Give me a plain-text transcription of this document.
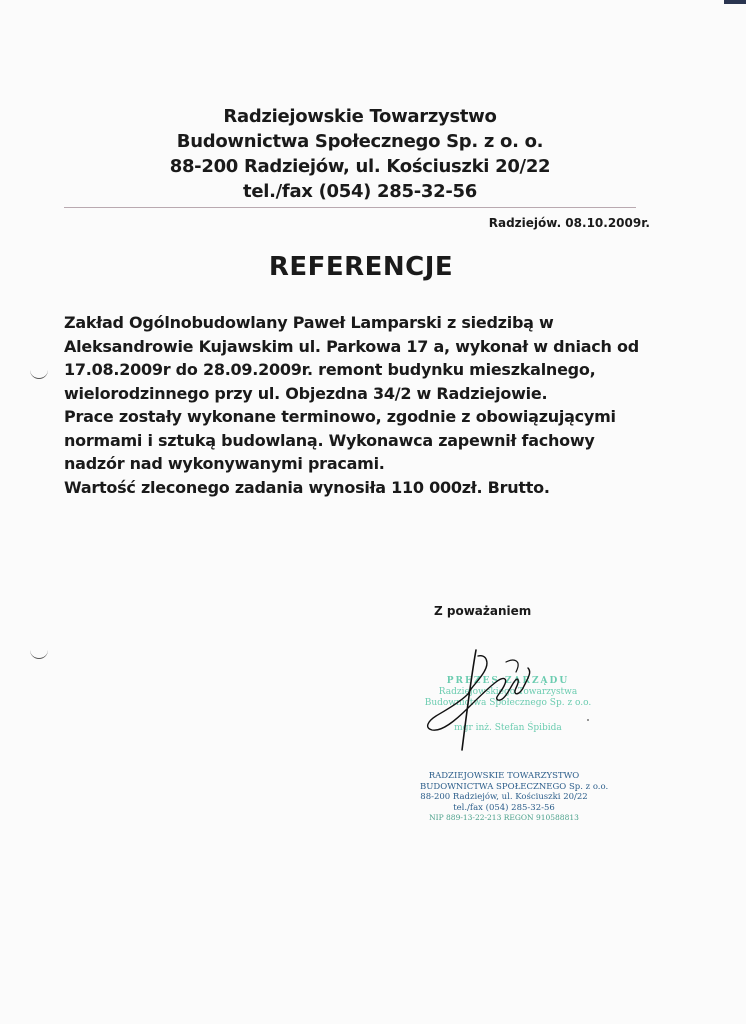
Radziejowskie Towarzystwo
Budownictwa Społecznego Sp. z o. o.
88-200 Radziejów, ul. Kościuszki 20/22
tel./fax (054) 285-32-56
Radziejów. 08.10.2009r.
REFERENCJE
Zakład Ogólnobudowlany Paweł Lamparski z siedzibą w
Aleksandrowie Kujawskim ul. Parkowa 17 a, wykonał w dniach od
17.08.2009r do 28.09.2009r. remont budynku mieszkalnego,
wielorodzinnego przy ul. Objezdna 34/2 w Radziejowie.
Prace zostały wykonane terminowo, zgodnie z obowiązującymi
normami i sztuką budowlaną. Wykonawca zapewnił fachowy
nadzór nad wykonywanymi pracami.
Wartość zleconego zadania wynosiła 110 000zł. Brutto.
Z poważaniem
PREZES ZARZĄDU
Radziejowskiego Towarzystwa
Budownictwa Społecznego Sp. z o.o.
mgr inż. Stefan Śpibida
RADZIEJOWSKIE TOWARZYSTWO
BUDOWNICTWA SPOŁECZNEGO Sp. z o.o.
88-200 Radziejów, ul. Kościuszki 20/22
tel./fax (054) 285-32-56
NIP 889-13-22-213 REGON 910588813
